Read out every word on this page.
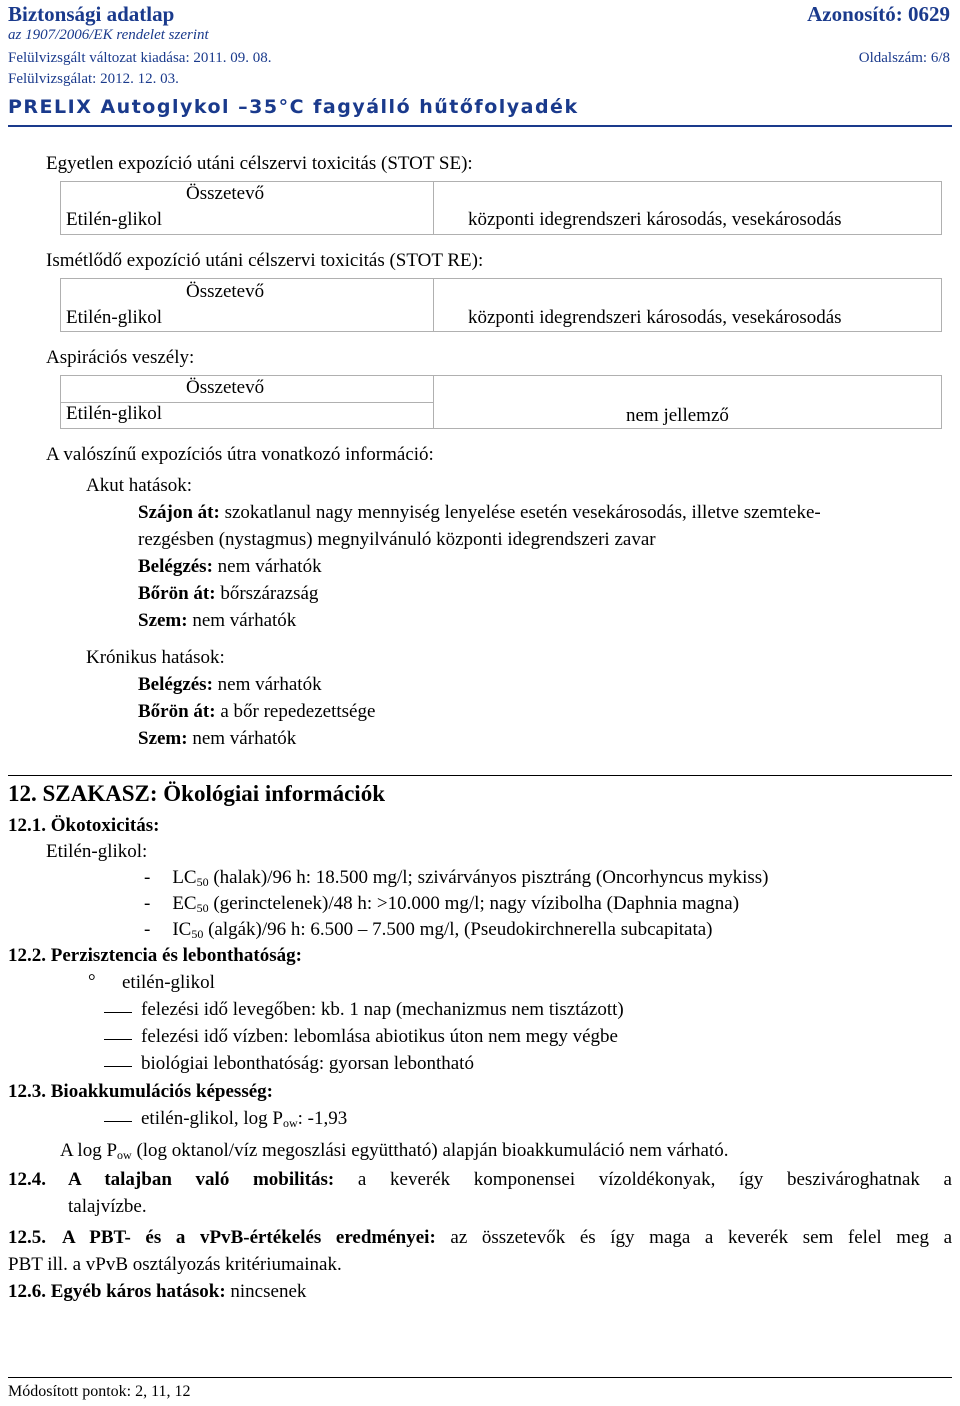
Biztonsági adatlap	Azonosító: 0629
az 1907/2006/EK rendelet szerint
Felülvizsgált változat kiadása: 2011. 09. 08.	Oldalszám: 6/8
Felülvizsgálat: 2012. 12. 03.
PRELIX Autoglykol –35°C fagyálló hűtőfolyadék
Egyetlen expozíció utáni célszervi toxicitás (STOT SE):
Összetevő
Etilén-glikol	központi idegrendszeri károsodás, vesekárosodás
Ismétlődő expozíció utáni célszervi toxicitás (STOT RE):
Összetevő
Etilén-glikol	központi idegrendszeri károsodás, vesekárosodás
Aspirációs veszély:
Összetevő
Etilén-glikol	nem jellemző
A valószínű expozíciós útra vonatkozó információ:
Akut hatások:
Szájon át: szokatlanul nagy mennyiség lenyelése esetén vesekárosodás, illetve szemteke-
rezgésben (nystagmus) megnyilvánuló központi idegrendszeri zavar
Belégzés: nem várhatók
Bőrön át: bőrszárazság
Szem: nem várhatók
Krónikus hatások:
Belégzés: nem várhatók
Bőrön át: a bőr repedezettsége
Szem: nem várhatók
12. SZAKASZ: Ökológiai információk
12.1. Ökotoxicitás:
Etilén-glikol:
- $LC_{50}$ (halak)/96 h: 18.500 mg/l; szivárványos pisztráng (Oncorhyncus mykiss)
- $EC_{50}$ (gerinctelenek)/48 h: >10.000 mg/l; nagy vízibolha (Daphnia magna)
- $IC_{50}$ (algák)/96 h: 6.500 – 7.500 mg/l, (Pseudokirchnerella subcapitata)
12.2. Perzisztencia és lebonthatóság:
° etilén-glikol
felezési idő levegőben: kb. 1 nap (mechanizmus nem tisztázott)
felezési idő vízben: lebomlása abiotikus úton nem megy végbe
biológiai lebonthatóság: gyorsan lebontható
12.3. Bioakkumulációs képesség:
etilén-glikol, $\log P_{ow}$: -1,93
A $\log P_{ow}$ (log oktanol/víz megoszlási együttható) alapján bioakkumuláció nem várható.
12.4. A talajban való mobilitás: a keverék komponensei vízoldékonyak, így beszivároghatnak a
talajvízbe.
12.5. A PBT- és a vPvB-értékelés eredményei: az összetevők és így maga a keverék sem felel meg a
PBT ill. a vPvB osztályozás kritériumainak.
12.6. Egyéb káros hatások: nincsenek
Módosított pontok: 2, 11, 12
